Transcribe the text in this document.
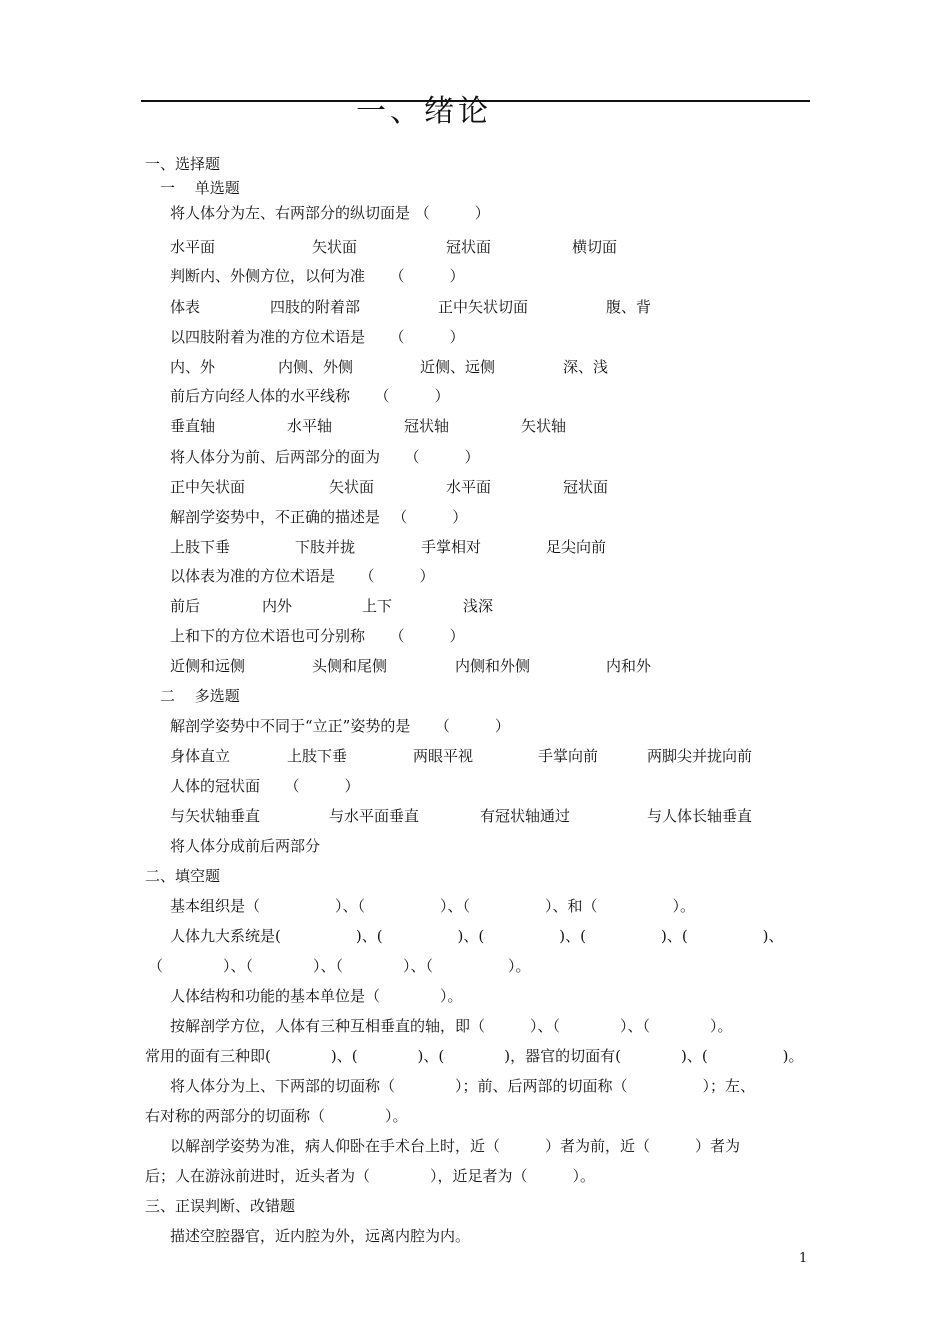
一、绪论
一、选择题
一　 单选题
将人体分为左、右两部分的纵切面是 （　　　）
水平面	矢状面	冠状面	横切面
判断内、外侧方位，以何为准 　 （　　　）
体表	四肢的附着部	正中矢状切面	腹、背
以四肢附着为准的方位术语是 　 （　　　）
内、外	内侧、外侧	近侧、远侧	深、浅
前后方向经人体的水平线称 　 （　　　）
垂直轴	水平轴	冠状轴	矢状轴
将人体分为前、后两部分的面为 　 （　　　）
正中矢状面	矢状面	水平面	冠状面
解剖学姿势中，不正确的描述是 　（　　　）
上肢下垂	下肢并拢	手掌相对	足尖向前
以体表为准的方位术语是 　 （　　　）
前后	内外	上下	浅深
上和下的方位术语也可分别称 　 （　　　）
近侧和远侧	头侧和尾侧	内侧和外侧	内和外
二　 多选题
解剖学姿势中不同于“立正”姿势的是 　 （　　　）
身体直立	上肢下垂	两眼平视	手掌向前	两脚尖并拢向前
人体的冠状面 　 （　　　）
与矢状轴垂直	与水平面垂直	有冠状轴通过	与人体长轴垂直
将人体分成前后两部分
二、填空题
基本组织是（　　　　　）、（　　　　　）、（　　　　　）、和（　　　　　）。
人体九大系统是(　　　　　)、(　　　　　)、(　　　　　)、(　　　　　)、(　　　　　)、
（　　　　）、（　　　　）、（　　　　）、（　　　　　）。
人体结构和功能的基本单位是（　　　　）。
按解剖学方位，人体有三种互相垂直的轴，即（　　　）、（　　　　）、（　　　　）。
常用的面有三种即(　　　　)、(　　　　)、(　　　　)，器官的切面有(　　　　)、(　　　　　)。
将人体分为上、下两部的切面称（　　　　）；前、后两部的切面称（　　　　　）；左、
右对称的两部分的切面称（　　　　）。
以解剖学姿势为准，病人仰卧在手术台上时，近（　　　）者为前，近（　　　）者为
后；人在游泳前进时，近头者为（　　　　），近足者为（　　　）。
三、正误判断、改错题
描述空腔器官，近内腔为外，远离内腔为内。
1
